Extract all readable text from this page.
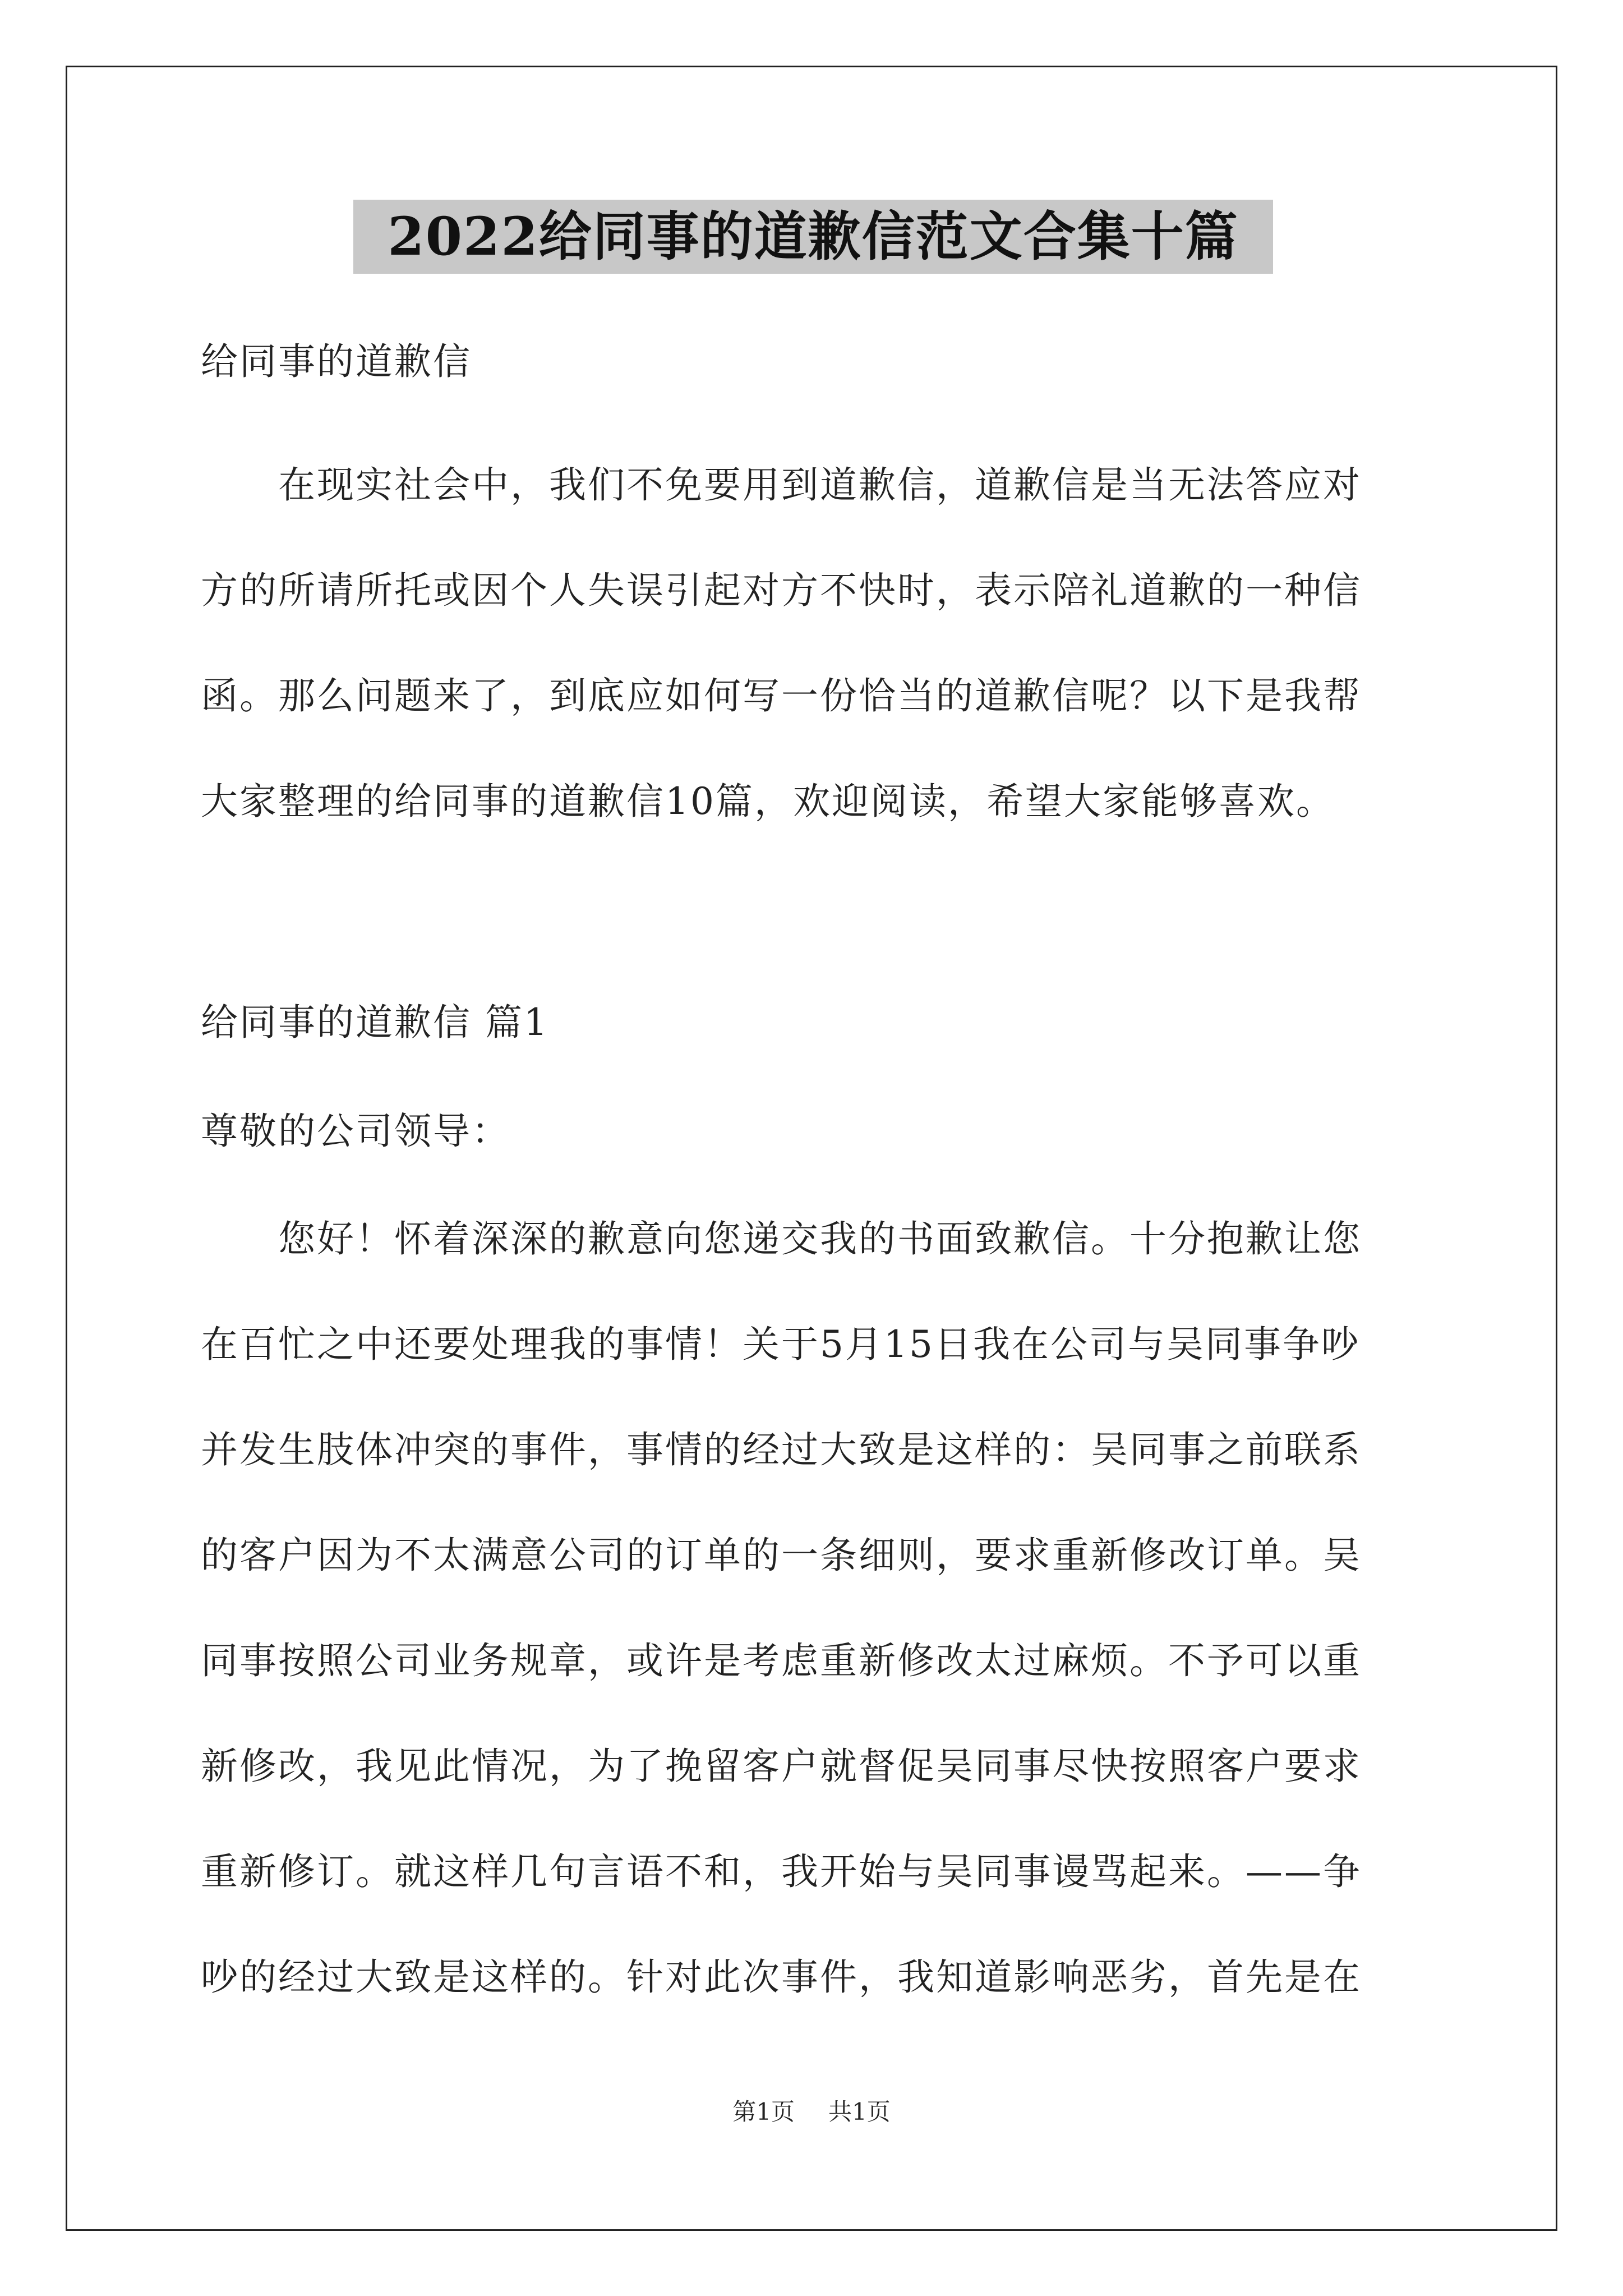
2022给同事的道歉信范文合集十篇

给同事的道歉信

　　在现实社会中，我们不免要用到道歉信，道歉信是当无法答应对

方的所请所托或因个人失误引起对方不快时，表示陪礼道歉的一种信

函。那么问题来了，到底应如何写一份恰当的道歉信呢？以下是我帮

大家整理的给同事的道歉信10篇，欢迎阅读，希望大家能够喜欢。

给同事的道歉信 篇1

尊敬的公司领导：

　　您好！怀着深深的歉意向您递交我的书面致歉信。十分抱歉让您

在百忙之中还要处理我的事情！关于5月15日我在公司与吴同事争吵

并发生肢体冲突的事件，事情的经过大致是这样的：吴同事之前联系

的客户因为不太满意公司的订单的一条细则，要求重新修改订单。吴

同事按照公司业务规章，或许是考虑重新修改太过麻烦。不予可以重

新修改，我见此情况，为了挽留客户就督促吴同事尽快按照客户要求

重新修订。就这样几句言语不和，我开始与吴同事谩骂起来。——争

吵的经过大致是这样的。针对此次事件，我知道影响恶劣，首先是在

第1页 共1页
